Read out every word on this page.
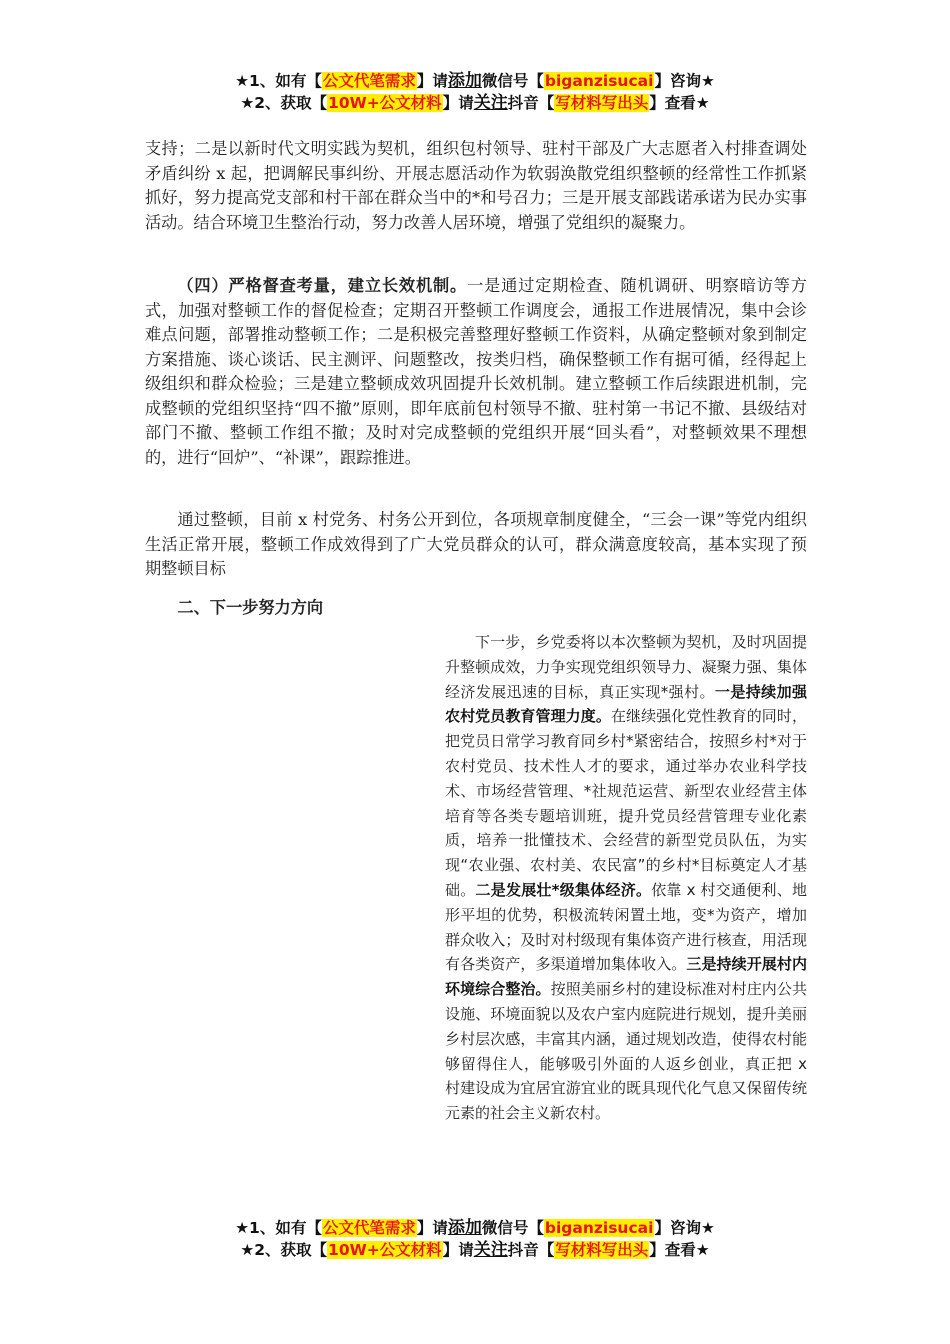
★1、如有【公文代笔需求】请添加微信号【biganzisucai】咨询★
★2、获取【10W+公文材料】请关注抖音【写材料写出头】查看★

支持；二是以新时代文明实践为契机，组织包村领导、驻村干部及广大志愿者入村排查调处矛盾纠纷 x 起，把调解民事纠纷、开展志愿活动作为软弱涣散党组织整顿的经常性工作抓紧抓好，努力提高党支部和村干部在群众当中的*和号召力；三是开展支部践诺承诺为民办实事活动。结合环境卫生整治行动，努力改善人居环境，增强了党组织的凝聚力。

（四）严格督查考量，建立长效机制。一是通过定期检查、随机调研、明察暗访等方式，加强对整顿工作的督促检查；定期召开整顿工作调度会，通报工作进展情况，集中会诊难点问题，部署推动整顿工作；二是积极完善整理好整顿工作资料，从确定整顿对象到制定方案措施、谈心谈话、民主测评、问题整改，按类归档，确保整顿工作有据可循，经得起上级组织和群众检验；三是建立整顿成效巩固提升长效机制。建立整顿工作后续跟进机制，完成整顿的党组织坚持“四不撤”原则，即年底前包村领导不撤、驻村第一书记不撤、县级结对部门不撤、整顿工作组不撤；及时对完成整顿的党组织开展“回头看”，对整顿效果不理想的，进行“回炉”、“补课”，跟踪推进。

通过整顿，目前 x 村党务、村务公开到位，各项规章制度健全，“三会一课”等党内组织生活正常开展，整顿工作成效得到了广大党员群众的认可，群众满意度较高，基本实现了预期整顿目标

二、下一步努力方向

下一步，乡党委将以本次整顿为契机，及时巩固提升整顿成效，力争实现党组织领导力、凝聚力强、集体经济发展迅速的目标，真正实现*强村。一是持续加强农村党员教育管理力度。在继续强化党性教育的同时，把党员日常学习教育同乡村*紧密结合，按照乡村*对于农村党员、技术性人才的要求，通过举办农业科学技术、市场经营管理、*社规范运营、新型农业经营主体培育等各类专题培训班，提升党员经营管理专业化素质，培养一批懂技术、会经营的新型党员队伍，为实现“农业强、农村美、农民富”的乡村*目标奠定人才基础。二是发展壮*级集体经济。依靠 x 村交通便利、地形平坦的优势，积极流转闲置土地，变*为资产，增加群众收入；及时对村级现有集体资产进行核查，用活现有各类资产，多渠道增加集体收入。三是持续开展村内环境综合整治。按照美丽乡村的建设标准对村庄内公共设施、环境面貌以及农户室内庭院进行规划，提升美丽乡村层次感，丰富其内涵，通过规划改造，使得农村能够留得住人，能够吸引外面的人返乡创业，真正把 x 村建设成为宜居宜游宜业的既具现代化气息又保留传统元素的社会主义新农村。

★1、如有【公文代笔需求】请添加微信号【biganzisucai】咨询★
★2、获取【10W+公文材料】请关注抖音【写材料写出头】查看★
